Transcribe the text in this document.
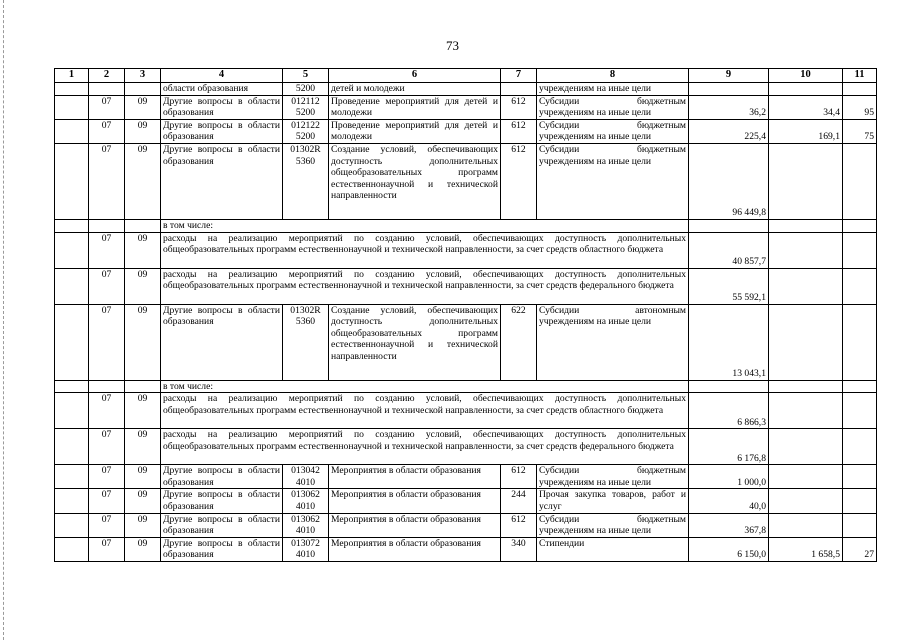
73
1	2	3	4	5	6	7	8	9	10	11
			области образования	5200	детей и молодежи		учреждениям на иные цели			
	07	09	Другие вопросы в области образования	012112 5200	Проведение мероприятий для детей и молодежи	612	Субсидии бюджетным учреждениям на иные цели	36,2	34,4	95
	07	09	Другие вопросы в области образования	012122 5200	Проведение мероприятий для детей и молодежи	612	Субсидии бюджетным учреждениям на иные цели	225,4	169,1	75
	07	09	Другие вопросы в области образования	01302R 5360	Создание условий, обеспечивающих доступность дополнительных общеобразовательных программ естественнонаучной и технической направленности	612	Субсидии бюджетным учреждениям на иные цели	96 449,8		
			в том числе:							
	07	09	расходы на реализацию мероприятий по созданию условий, обеспечивающих доступность дополнительных общеобразовательных программ естественнонаучной и технической направленности, за счет средств областного бюджета					40 857,7		
	07	09	расходы на реализацию мероприятий по созданию условий, обеспечивающих доступность дополнительных общеобразовательных программ естественнонаучной и технической направленности, за счет средств федерального бюджета					55 592,1		
	07	09	Другие вопросы в области образования	01302R 5360	Создание условий, обеспечивающих доступность дополнительных общеобразовательных программ естественнонаучной и технической направленности	622	Субсидии автономным учреждениям на иные цели	13 043,1		
			в том числе:							
	07	09	расходы на реализацию мероприятий по созданию условий, обеспечивающих доступность дополнительных общеобразовательных программ естественнонаучной и технической направленности, за счет средств областного бюджета					6 866,3		
	07	09	расходы на реализацию мероприятий по созданию условий, обеспечивающих доступность дополнительных общеобразовательных программ естественнонаучной и технической направленности, за счет средств федерального бюджета					6 176,8		
	07	09	Другие вопросы в области образования	013042 4010	Мероприятия в области образования	612	Субсидии бюджетным учреждениям на иные цели	1 000,0		
	07	09	Другие вопросы в области образования	013062 4010	Мероприятия в области образования	244	Прочая закупка товаров, работ и услуг	40,0		
	07	09	Другие вопросы в области образования	013062 4010	Мероприятия в области образования	612	Субсидии бюджетным учреждениям на иные цели	367,8		
	07	09	Другие вопросы в области образования	013072 4010	Мероприятия в области образования	340	Стипендии	6 150,0	1 658,5	27
